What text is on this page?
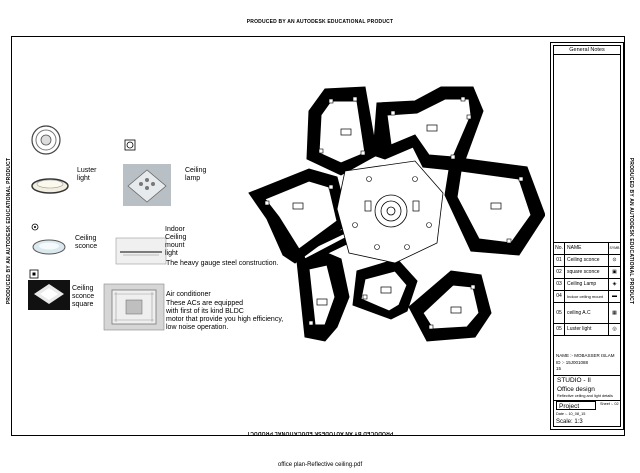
PRODUCED BY AN AUTODESK EDUCATIONAL PRODUCT
PRODUCED BY AN AUTODESK EDUCATIONAL PRODUCT
PRODUCED BY AN AUTODESK EDUCATIONAL PRODUCT	PRODUCED BY AN AUTODESK EDUCATIONAL PRODUCT
Luster
light
Ceiling
lamp
Ceiling
sconce
Indoor
Ceiling
mount
light
The heavy gauge steel construction.
Ceiling
sconce
square
Air conditioner
These ACs are equipped
with first of its kind BLDC
motor that provide you high efficiency,
low noise operation.
General Notes
No. NAME	SYMB
01	Ceiling sconce	⊙
02	square sconce	▣
03	Ceiling Lamp	◈
04	Indoor ceiling mount	▬
05	ceiling A.C	▦
05	Luster light	◎
NAME :- MOBASSER ISLAM
ID :- 15J001088
15
STUDIO - II
Office design
Reflective ceiling and light details
Project	Sheet :- 02
Date :- 10_08_15
Scale: 1:3
office plan-Reflective ceiling.pdf
